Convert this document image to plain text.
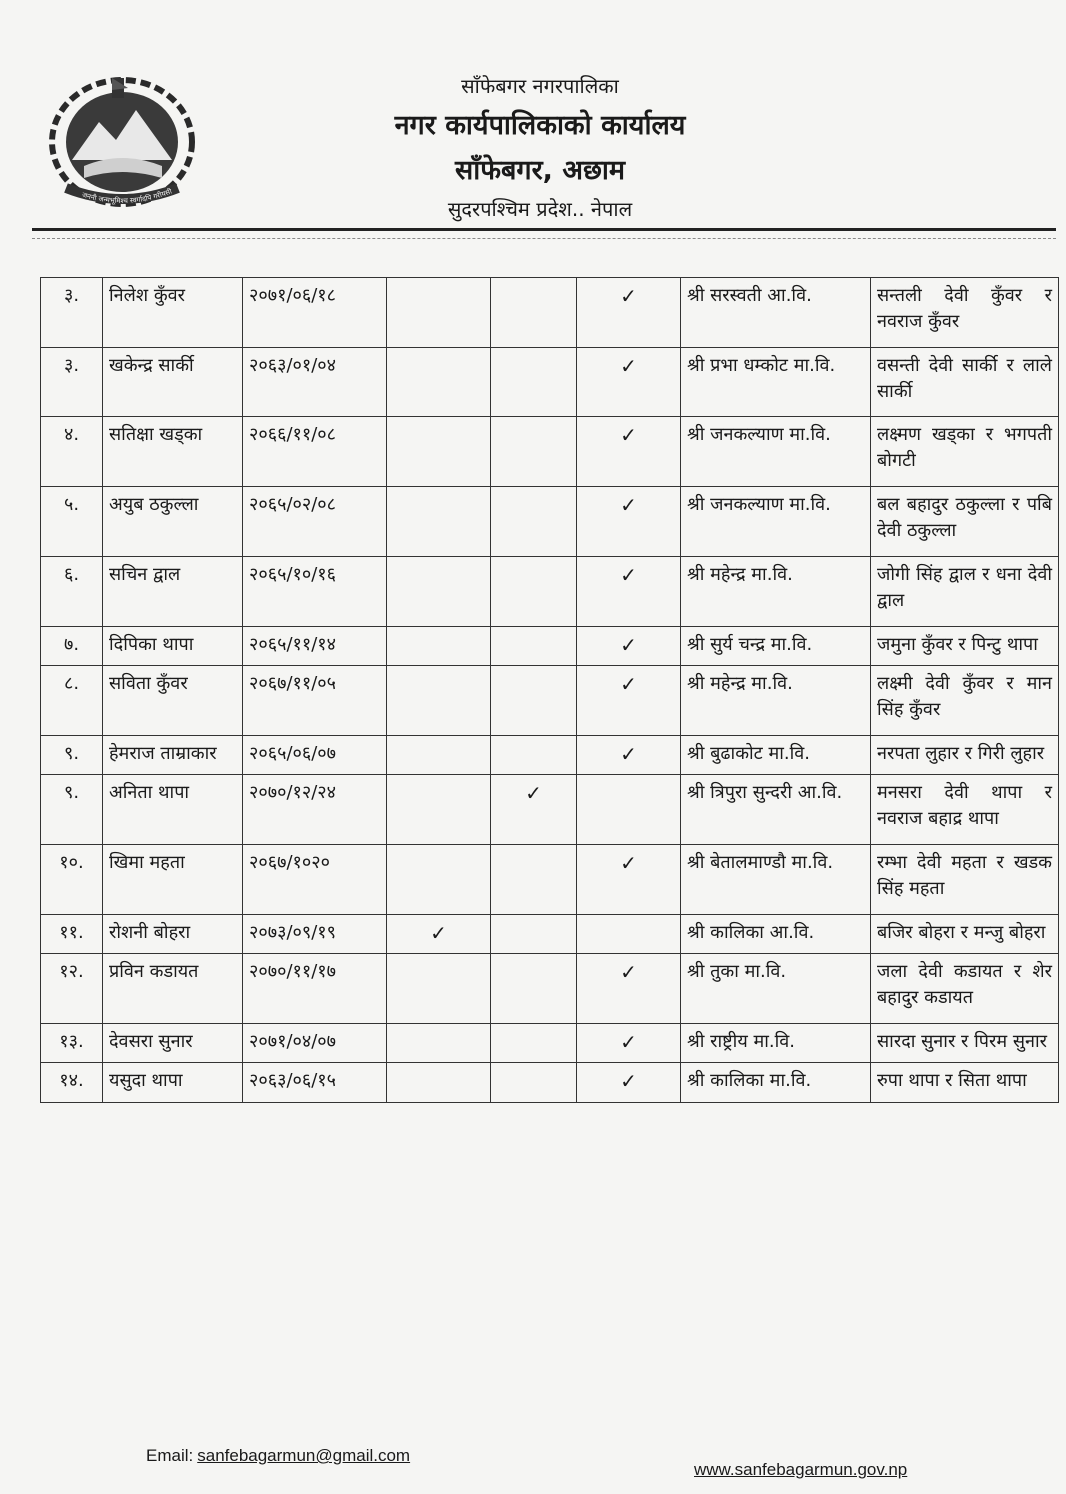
जननी जन्मभूमिश्च स्वर्गादपि गरीयसी
साँफेबगर नगरपालिका
नगर कार्यपालिकाको कार्यालय
साँफेबगर, अछाम
सुदरपश्चिम प्रदेश.. नेपाल
३.	निलेश कुँवर	२०७१/०६/१८			✓	श्री सरस्वती आ.वि.	सन्तली देवी कुँवर र नवराज कुँवर
३.	खकेन्द्र सार्की	२०६३/०१/०४			✓	श्री प्रभा धम्कोट मा.वि.	वसन्ती देवी सार्की र लाले सार्की
४.	सतिक्षा खड्का	२०६६/११/०८			✓	श्री जनकल्याण मा.वि.	लक्ष्मण खड्का र भगपती बोगटी
५.	अयुब ठकुल्ला	२०६५/०२/०८			✓	श्री जनकल्याण मा.वि.	बल बहादुर ठकुल्ला र पबि देवी ठकुल्ला
६.	सचिन द्वाल	२०६५/१०/१६			✓	श्री महेन्द्र मा.वि.	जोगी सिंह द्वाल र धना देवी द्वाल
७.	दिपिका थापा	२०६५/११/१४			✓	श्री सुर्य चन्द्र मा.वि.	जमुना कुँवर र पिन्टु थापा
८.	सविता कुँवर	२०६७/११/०५			✓	श्री महेन्द्र मा.वि.	लक्ष्मी देवी कुँवर र मान सिंह कुँवर
९.	हेमराज ताम्राकार	२०६५/०६/०७			✓	श्री बुढाकोट मा.वि.	नरपता लुहार र गिरी लुहार
९.	अनिता थापा	२०७०/१२/२४		✓		श्री त्रिपुरा सुन्दरी आ.वि.	मनसरा देवी थापा र नवराज बहाद्र थापा
१०.	खिमा महता	२०६७/१०२०			✓	श्री बेतालमाण्डौ मा.वि.	रम्भा देवी महता र खडक सिंह महता
११.	रोशनी बोहरा	२०७३/०९/१९	✓			श्री कालिका आ.वि.	बजिर बोहरा र मन्जु बोहरा
१२.	प्रविन कडायत	२०७०/११/१७			✓	श्री तुका मा.वि.	जला देवी कडायत र शेर बहादुर कडायत
१३.	देवसरा सुनार	२०७१/०४/०७			✓	श्री राष्ट्रीय मा.वि.	सारदा सुनार र पिरम सुनार
१४.	यसुदा थापा	२०६३/०६/१५			✓	श्री कालिका मा.वि.	रुपा थापा र सिता थापा
Email: sanfebagarmun@gmail.com
www.sanfebagarmun.gov.np
